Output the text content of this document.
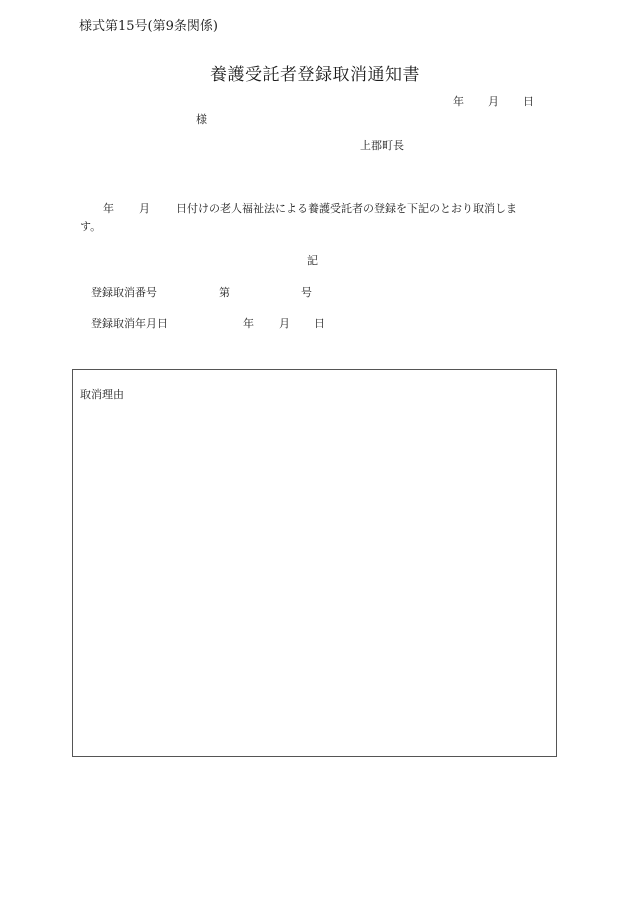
様式第15号(第9条関係)
養護受託者登録取消通知書
年 月 日
様
上郡町長
年 月 日付けの老人福祉法による養護受託者の登録を下記のとおり取消しま
す。
記
登録取消番号	第	号
登録取消年月日	年 月 日
取消理由
